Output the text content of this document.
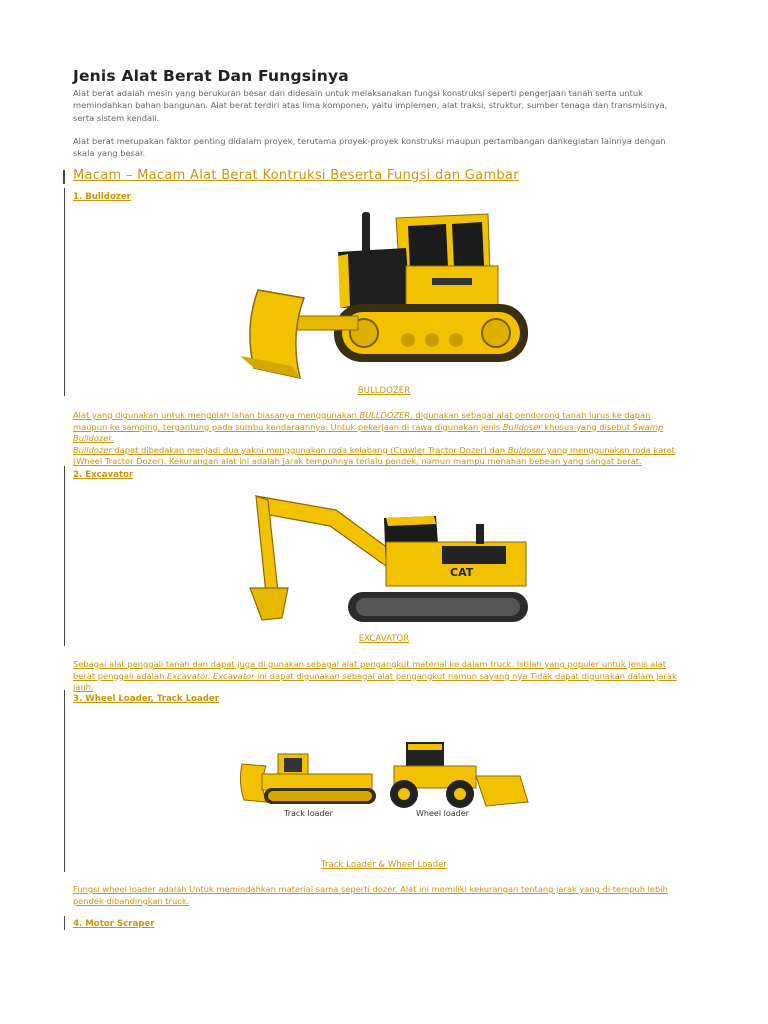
Jenis Alat Berat Dan Fungsinya
Alat berat adalah mesin yang berukuran besar dan didesain untuk melaksanakan fungsi konstruksi seperti pengerjaan tanah serta untuk memindahkan bahan bangunan. Alat berat terdiri atas lima komponen, yaitu implemen, alat traksi, struktur, sumber tenaga dan transmisinya, serta sistem kendali.
Alat berat merupakan faktor penting didalam proyek, terutama proyek-proyek konstruksi maupun pertambangan dankegiatan lainnya dengan skala yang besar.
Macam – Macam Alat Berat Kontruksi Beserta Fungsi dan Gambar
1. Bulldozer
BULLDOZER
Alat yang digunakan untuk mengolah lahan biasanya menggunakan BULLDOZER, digunakan sebagai alat pendorong tanah lurus ke dapan maupun ke samping, tergantung pada sumbu kendaraannya. Untuk pekerjaan di rawa digunakan jenis Bulldoser khusus yang disebut Swamp Bulldozer.
Bulldozer dapat dibedakan menjadi dua yakni menggunakan roda kelabang (Crawler Tractor Dozer) dan Buldoser yang menggunakan roda karet (Wheel Tractor Dozer). Kekurangan alat ini adalah jarak tempuhnya terlalu pendek, namun mampu menahan bebean yang sangat berat.
2. Excavator
CAT
EXCAVATOR
Sebagai alat penggali tanah dan dapat juga di gunakan sebagai alat pengangkut material ke dalam truck. Istilah yang populer untuk jenis alat berat penggali adalah Excavator. Excavator ini dapat digunakan sebagai alat pengangkut namun sayang nya Tidak dapat digunakan dalam jarak jauh.
3. Wheel Loader, Track Loader
Track loader	Wheel loader
Track Loader & Wheel Loader
Fungsi wheel loader adalah Untuk memindahkan material sama seperti dozer. Alat ini memiliki kekurangan tentang jarak yang di tempuh lebih pendek dibandingkan truck.
4. Motor Scraper
